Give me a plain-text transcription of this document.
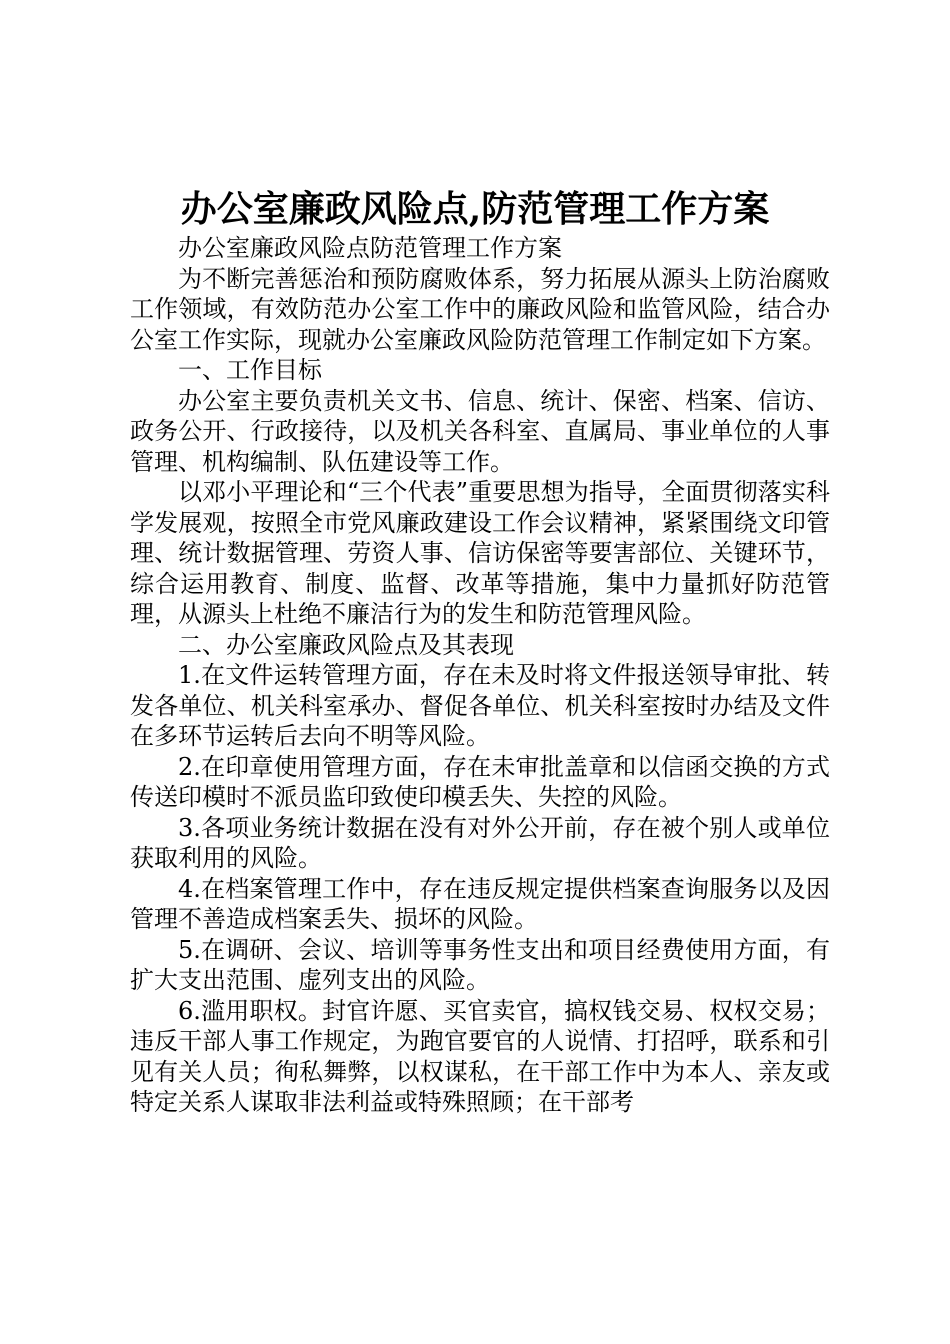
办公室廉政风险点,防范管理工作方案

办公室廉政风险点防范管理工作方案

为不断完善惩治和预防腐败体系，努力拓展从源头上防治腐败工作领域，有效防范办公室工作中的廉政风险和监管风险，结合办公室工作实际，现就办公室廉政风险防范管理工作制定如下方案。

一、工作目标

办公室主要负责机关文书、信息、统计、保密、档案、信访、政务公开、行政接待，以及机关各科室、直属局、事业单位的人事管理、机构编制、队伍建设等工作。

以邓小平理论和“三个代表”重要思想为指导，全面贯彻落实科学发展观，按照全市党风廉政建设工作会议精神，紧紧围绕文印管理、统计数据管理、劳资人事、信访保密等要害部位、关键环节，综合运用教育、制度、监督、改革等措施，集中力量抓好防范管理，从源头上杜绝不廉洁行为的发生和防范管理风险。

二、办公室廉政风险点及其表现

1.在文件运转管理方面，存在未及时将文件报送领导审批、转发各单位、机关科室承办、督促各单位、机关科室按时办结及文件在多环节运转后去向不明等风险。

2.在印章使用管理方面，存在未审批盖章和以信函交换的方式传送印模时不派员监印致使印模丢失、失控的风险。

3.各项业务统计数据在没有对外公开前，存在被个别人或单位获取利用的风险。

4.在档案管理工作中，存在违反规定提供档案查询服务以及因管理不善造成档案丢失、损坏的风险。

5.在调研、会议、培训等事务性支出和项目经费使用方面，有扩大支出范围、虚列支出的风险。

6.滥用职权。封官许愿、买官卖官，搞权钱交易、权权交易；违反干部人事工作规定，为跑官要官的人说情、打招呼，联系和引见有关人员；徇私舞弊，以权谋私，在干部工作中为本人、亲友或特定关系人谋取非法利益或特殊照顾；在干部考
